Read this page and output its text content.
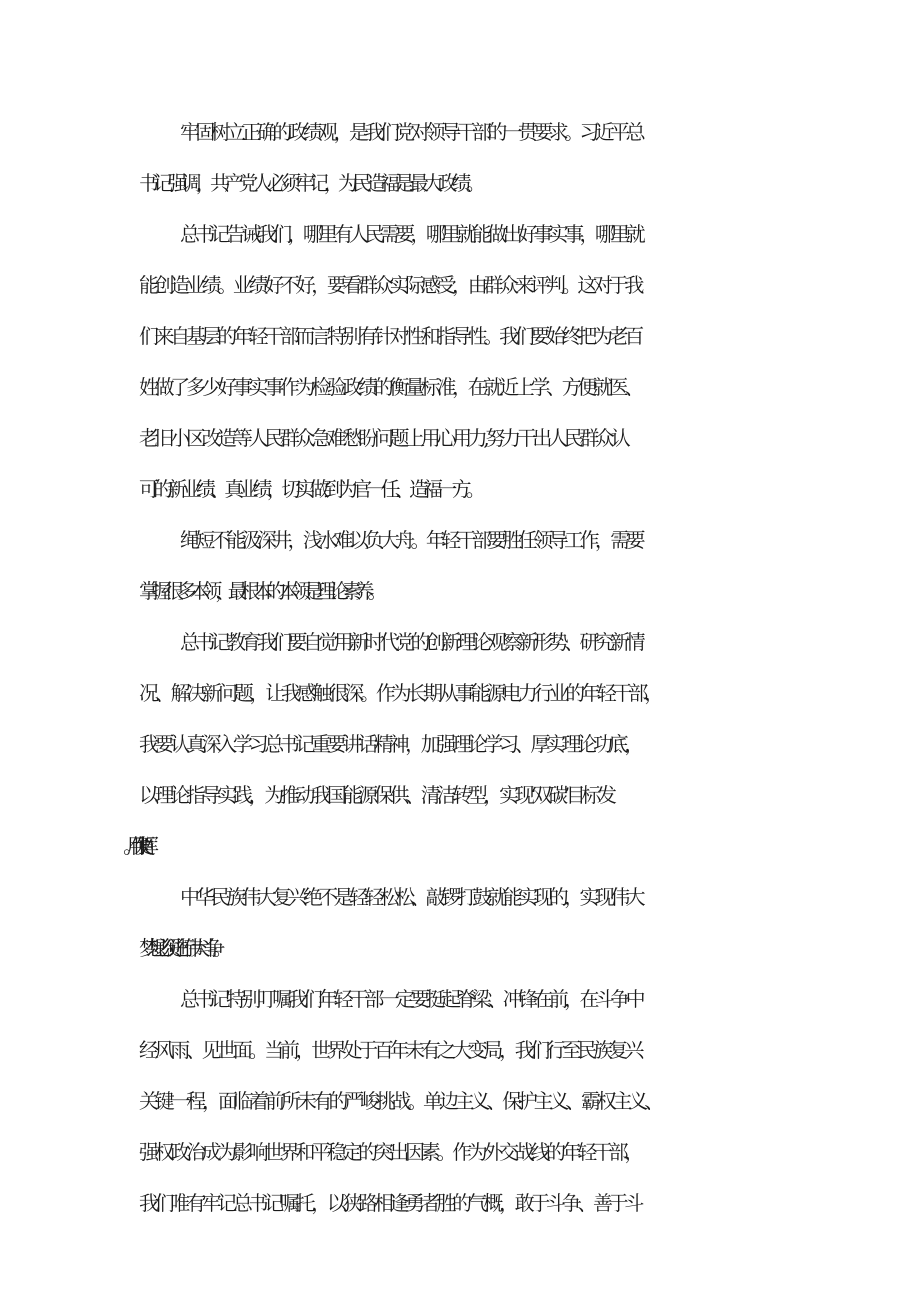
牢固树立正确的政绩观，是我们党对领导干部的一贯要求。习近平总
书记强调，共产党人必须牢记，为民造福是最大政绩。
总书记告诫我们，哪里有人民需要，哪里就能做出好事实事，哪里就
能创造业绩。业绩好不好，要看群众实际感受，由群众来评判。这对于我
们来自基层的年轻干部而言特别有针对性和指导性。我们要始终把为老百
姓做了多少好事实事作为检验政绩的衡量标准，在就近上学、方便就医、
老旧小区改造等人民群众急难愁盼问题上用心用力,努力干出人民群众认
可的新业绩、真业绩，切实做到为官一任、造福一方。
绳短不能汲深井，浅水难以负大舟。年轻干部要胜任领导工作，需要
掌握很多本领，最根本的本领是理论素养。
总书记教育我们要自觉用新时代党的创新理论观察新形势、研究新情
况、解决新问题，让我感触很深。作为长期从事能源电力行业的年轻干部，
我要认真深入学习总书记重要讲话精神，加强理论学习、厚实理论功底，
以理论指导实践，为推动我国能源保供、清洁转型，实现‘双碳’目标发
中华民族伟大复兴绝不是轻轻松松、敲锣打鼓就能实现的，实现伟大
梦想必须进行伟大斗争。
总书记特别叮嘱我们年轻干部一定要挺起脊梁、冲锋在前，在斗争中
经风雨、见世面。当前，世界处于百年未有之大变局，我们行至民族复兴
关键一程，面临着前所未有的严峻挑战。单边主义、保护主义、霸权主义、
强权政治成为影响世界和平稳定的突出因素。作为外交战线的年轻干部，
我们唯有牢记总书记嘱托，以狭路相逢勇者胜的气概，敢于斗争、善于斗
